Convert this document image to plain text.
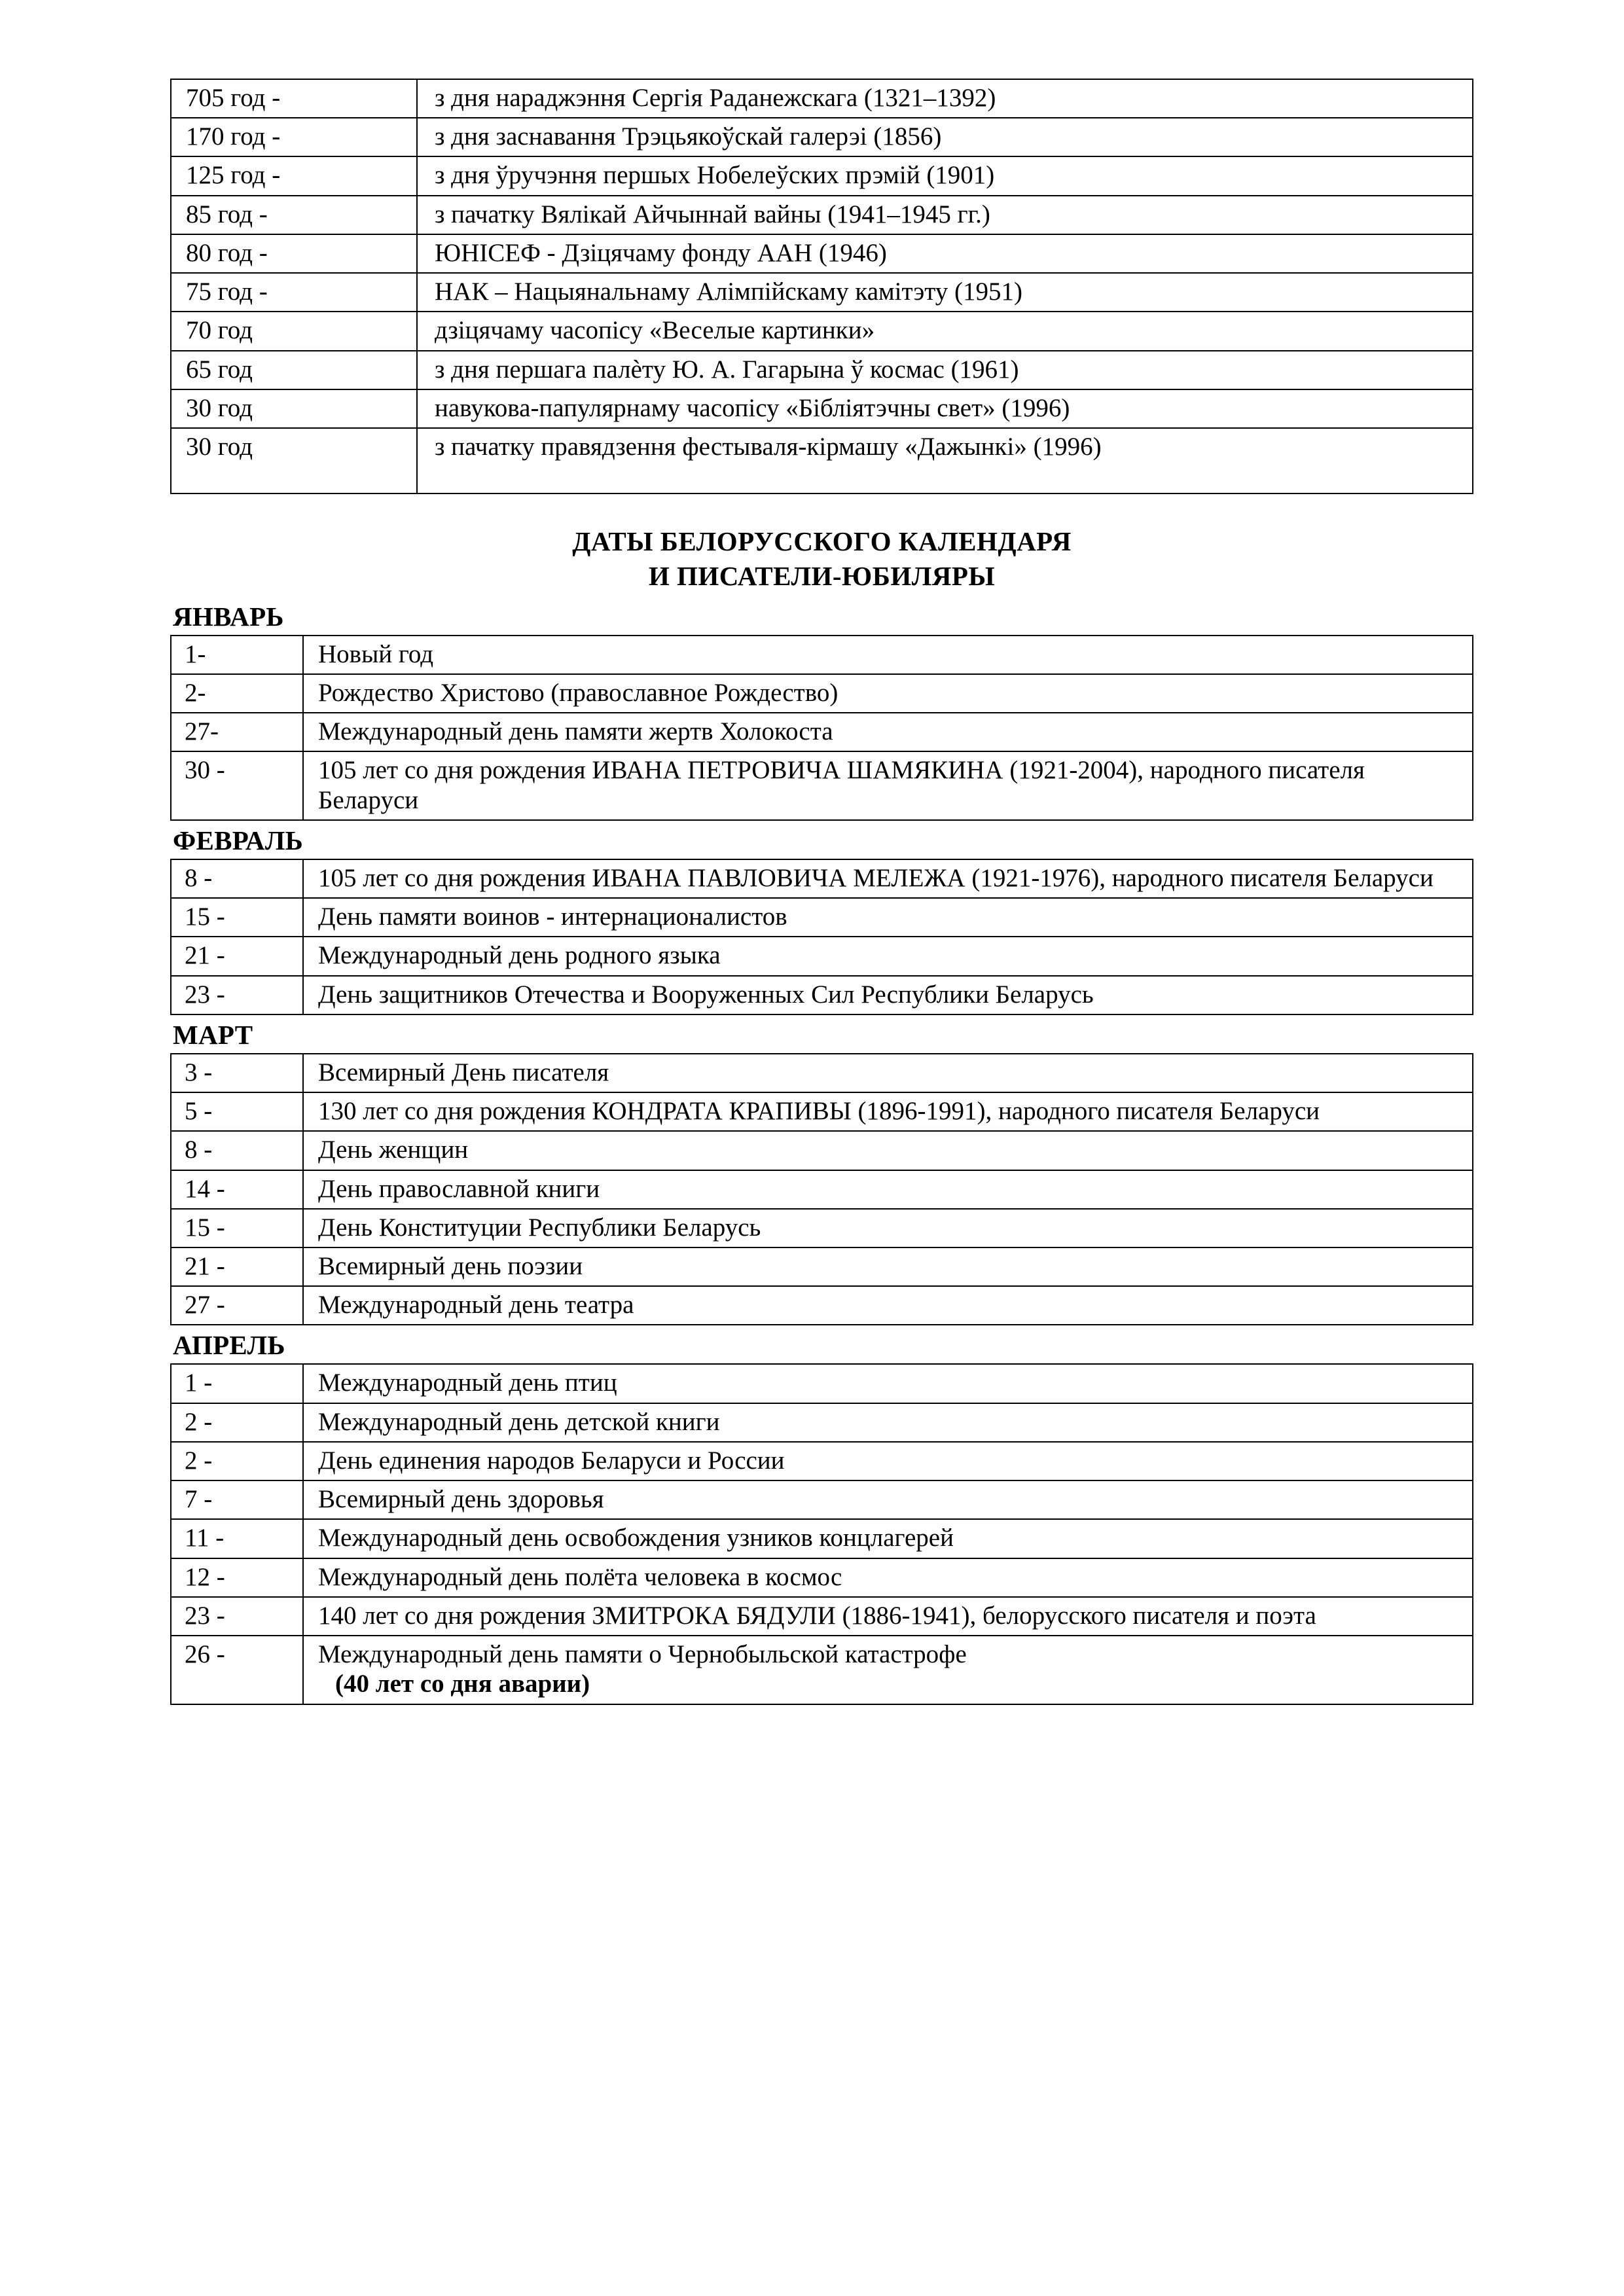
705 год -	з дня нараджэння Сергія Раданежскага (1321–1392)
170 год -	з дня заснавання Трэцьякоўскай галерэі (1856)
125 год -	з дня ўручэння першых Нобелеўских прэмій (1901)
85 год -	з пачатку Вялікай Айчыннай вайны (1941–1945 гг.)
80 год -	ЮНІСЕФ - Дзіцячаму фонду ААН (1946)
75 год -	НАК – Нацыянальнаму Алімпійскаму камітэту (1951)
70 год	дзіцячаму часопісу «Веселые картинки»
65 год	з дня першага палѐту Ю. А. Гагарына ў космас (1961)
30 год	навукова-папулярнаму часопісу «Бібліятэчны свет» (1996)
30 год	з пачатку правядзення фестываля-кірмашу «Дажынкі» (1996)
ДАТЫ БЕЛОРУССКОГО КАЛЕНДАРЯ
И ПИСАТЕЛИ-ЮБИЛЯРЫ
ЯНВАРЬ
1-	Новый год
2-	Рождество Христово (православное Рождество)
27-	Международный день памяти жертв Холокоста
30 -	105 лет со дня рождения ИВАНА ПЕТРОВИЧА ШАМЯКИНА (1921-2004), народного писателя Беларуси
ФЕВРАЛЬ
8 -	105 лет со дня рождения ИВАНА ПАВЛОВИЧА МЕЛЕЖА (1921-1976), народного писателя Беларуси
15 -	День памяти воинов - интернационалистов
21 -	Международный день родного языка
23 -	День защитников Отечества и Вооруженных Сил Республики Беларусь
МАРТ
3 -	Всемирный День писателя
5 -	130 лет со дня рождения КОНДРАТА КРАПИВЫ (1896-1991), народного писателя Беларуси
8 -	День женщин
14 -	День православной книги
15 -	День Конституции Республики Беларусь
21 -	Всемирный день поэзии
27 -	Международный день театра
АПРЕЛЬ
1 -	Международный день птиц
2 -	Международный день детской книги
2 -	День единения народов Беларуси и России
7 -	Всемирный день здоровья
11 -	Международный день освобождения узников концлагерей
12 -	Международный день полёта человека в космос
23 -	140 лет со дня рождения ЗМИТРОКА БЯДУЛИ (1886-1941), белорусского писателя и поэта
26 -	Международный день памяти о Чернобыльской катастрофе
(40 лет со дня аварии)
